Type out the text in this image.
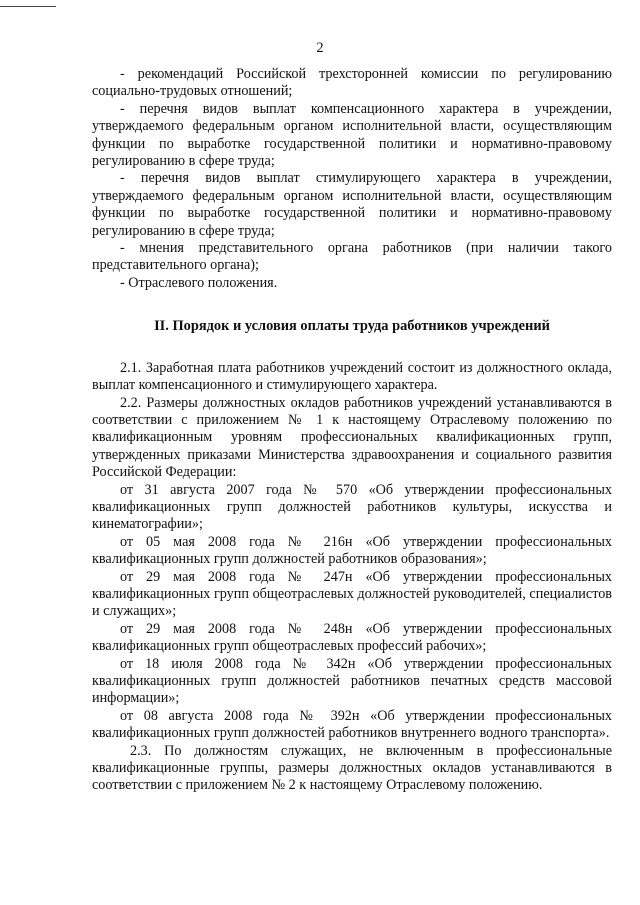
2

- рекомендаций Российской трехсторонней комиссии по регулированию социально-трудовых отношений;

- перечня видов выплат компенсационного характера в учреждении, утверждаемого федеральным органом исполнительной власти, осуществляющим функции по выработке государственной политики и нормативно-правовому регулированию в сфере труда;

- перечня видов выплат стимулирующего характера в учреждении, утверждаемого федеральным органом исполнительной власти, осуществляющим функции по выработке государственной политики и нормативно-правовому регулированию в сфере труда;

- мнения представительного органа работников (при наличии такого представительного органа);

- Отраслевого положения.

II. Порядок и условия оплаты труда работников учреждений

2.1. Заработная плата работников учреждений состоит из должностного оклада, выплат компенсационного и стимулирующего характера.

2.2. Размеры должностных окладов работников учреждений устанавливаются в соответствии с приложением № 1 к настоящему Отраслевому положению по квалификационным уровням профессиональных квалификационных групп, утвержденных приказами Министерства здравоохранения и социального развития Российской Федерации:

от 31 августа 2007 года № 570 «Об утверждении профессиональных квалификационных групп должностей работников культуры, искусства и кинематографии»;

от 05 мая 2008 года № 216н «Об утверждении профессиональных квалификационных групп должностей работников образования»;

от 29 мая 2008 года № 247н «Об утверждении профессиональных квалификационных групп общеотраслевых должностей руководителей, специалистов и служащих»;

от 29 мая 2008 года № 248н «Об утверждении профессиональных квалификационных групп общеотраслевых профессий рабочих»;

от 18 июля 2008 года № 342н «Об утверждении профессиональных квалификационных групп должностей работников печатных средств массовой информации»;

от 08 августа 2008 года № 392н «Об утверждении профессиональных квалификационных групп должностей работников внутреннего водного транспорта».

2.3. По должностям служащих, не включенным в профессиональные квалификационные группы, размеры должностных окладов устанавливаются в соответствии с приложением № 2 к настоящему Отраслевому положению.
